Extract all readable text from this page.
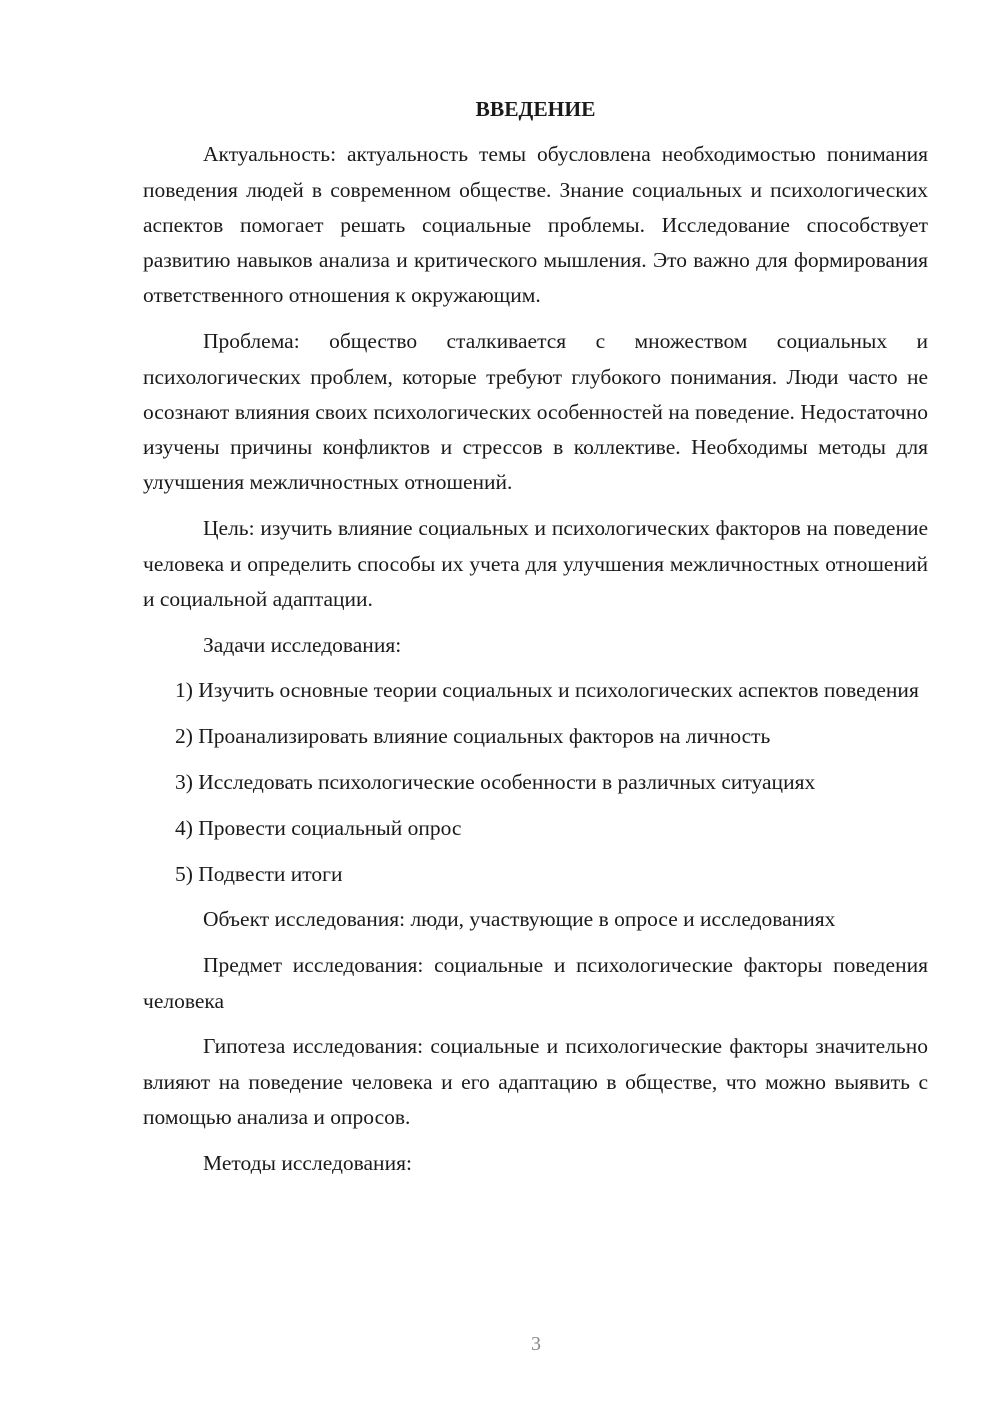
ВВЕДЕНИЕ

Актуальность: актуальность темы обусловлена необходимостью понимания поведения людей в современном обществе. Знание социальных и психологических аспектов помогает решать социальные проблемы. Исследование способствует развитию навыков анализа и критического мышления. Это важно для формирования ответственного отношения к окружающим.

Проблема: общество сталкивается с множеством социальных и психологических проблем, которые требуют глубокого понимания. Люди часто не осознают влияния своих психологических особенностей на поведение. Недостаточно изучены причины конфликтов и стрессов в коллективе. Необходимы методы для улучшения межличностных отношений.

Цель: изучить влияние социальных и психологических факторов на поведение человека и определить способы их учета для улучшения межличностных отношений и социальной адаптации.

Задачи исследования:

1) Изучить основные теории социальных и психологических аспектов поведения

2) Проанализировать влияние социальных факторов на личность

3) Исследовать психологические особенности в различных ситуациях

4) Провести социальный опрос

5) Подвести итоги

Объект исследования: люди, участвующие в опросе и исследованиях

Предмет исследования: социальные и психологические факторы поведения человека

Гипотеза исследования: социальные и психологические факторы значительно влияют на поведение человека и его адаптацию в обществе, что можно выявить с помощью анализа и опросов.

Методы исследования:

3
